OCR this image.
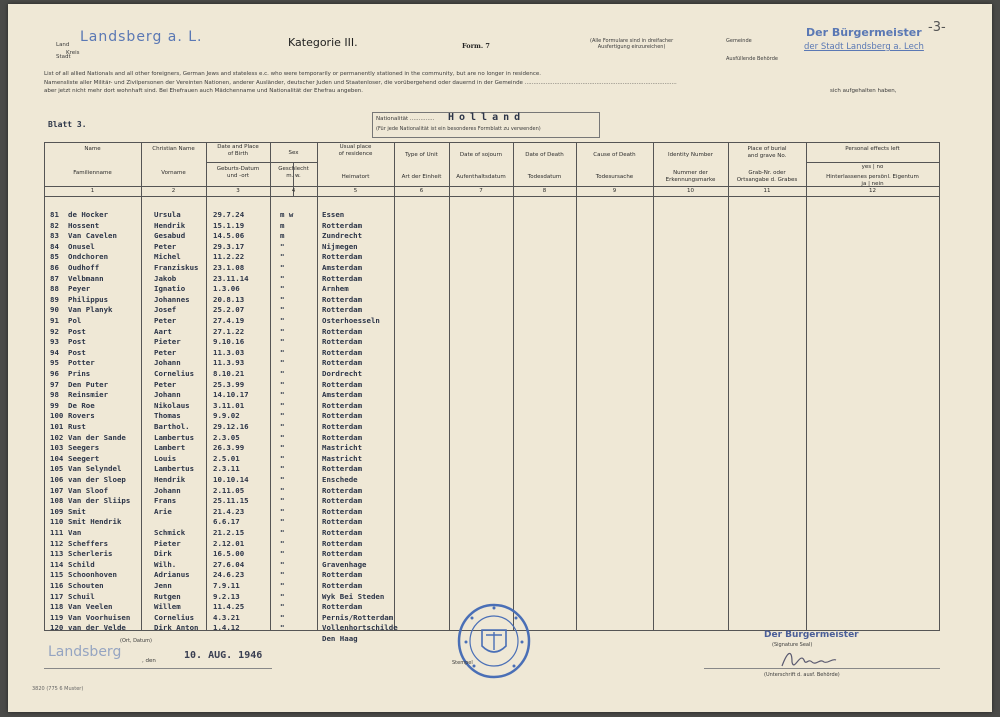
Land
Kreis
Stadt
Landsberg a. L.	Kategorie III.	Form. 7
(Alle Formulare sind in dreifacher
Ausfertigung einzureichen)
Gemeinde
Ausfüllende Behörde
Der Bürgermeister
der Stadt Landsberg a. Lech
-3-
List of all allied Nationals and all other foreigners, German Jews and stateless e.c. who were temporarily or permanently stationed in the community, but are no longer in residence.
Namensliste aller Militär- und Zivilpersonen der Vereinten Nationen, anderer Ausländer, deutscher Juden und Staatenloser, die vorübergehend oder dauernd in der Gemeinde .......................................................................................
aber jetzt nicht mehr dort wohnhaft sind. Bei Ehefrauen auch Mädchenname und Nationalität der Ehefrau angeben.	sich aufgehalten haben,
Nationalität .............. Holland
(Für jede Nationalität ist ein besonderes Formblatt zu verwenden)
Blatt 3.
Name
Familienname
Christian Name
Vorname
Date and Place
of Birth
Geburts-Datum
und -ort
Sex
Geschlecht
m. w.
Usual place
of residence
Heimatort
Type of Unit
Art der Einheit
Date of sojourn
Aufenthaltsdatum
Date of Death
Todesdatum
Cause of Death
Todesursache
Identity Number
Nummer der
Erkennungsmarke
Place of burial
and grave No.
Grab-Nr. oder
Ortsangabe d. Grabes
Personal effects left
yes | no
Hinterlassenes persönl. Eigentum
ja | nein
1	2	3	4	5	6	7	8	9	10	11	12
81 de Hocker	Ursula	29.7.24	m w	Essen
82 Hossent	Hendrik	15.1.19	m	Rotterdam
83 Van Cavelen	Gesabud	14.5.06	m	Zundrecht
84 Onusel	Peter	29.3.17	"	Nijmegen
85 Ondchoren	Michel	11.2.22	"	Rotterdam
86 Oudhoff	Franziskus 23.1.08	"	Amsterdam
87 Velbmann	Jakob	23.11.14	"	Rotterdam
88 Peyer	Ignatio	1.3.06	"	Arnhem
89 Philippus	Johannes	20.8.13	"	Rotterdam
90 Van Planyk	Josef	25.2.07	"	Rotterdam
91 Pol	Peter	27.4.19	"	Osterhoesseln
92 Post	Aart	27.1.22	"	Rotterdam
93 Post	Pieter	9.10.16	"	Rotterdam
94 Post	Peter	11.3.03	"	Rotterdam
95 Potter	Johann	11.3.93	"	Rotterdam
96 Prins	Cornelius	8.10.21	"	Dordrecht
97 Den Puter	Peter	25.3.99	"	Rotterdam
98 Reinsmier	Johann	14.10.17	"	Amsterdam
99 De Roe	Nikolaus	3.11.01	"	Rotterdam
100 Rovers	Thomas	9.9.02	"	Rotterdam
101 Rust	Barthol.	29.12.16	"	Rotterdam
102 Van der Sande	Lambertus	2.3.05	"	Rotterdam
103 Seegers	Lambert	26.3.99	"	Mastricht
104 Seegert	Louis	2.5.01	"	Mastricht
105 Van Selyndel	Lambertus	2.3.11	"	Rotterdam
106 van der Sloep	Hendrik	10.10.14	"	Enschede
107 Van Sloof	Johann	2.11.05	"	Rotterdam
108 Van der Sliips	Frans	25.11.15	"	Rotterdam
109 Smit	Arie	21.4.23	"	Rotterdam
110 Smit Hendrik	6.6.17	"	Rotterdam
111 Van	Schmick	21.2.15	"	Rotterdam
112 Scheffers	Pieter	2.12.01	"	Rotterdam
113 Scherleris	Dirk	16.5.00	"	Rotterdam
114 Schild	Wilh.	27.6.04	"	Gravenhage
115 Schoonhoven	Adrianus	24.6.23	"	Rotterdam
116 Schouten	Jenn	7.9.11	"	Rotterdam
117 Schuil	Rutgen	9.2.13	"	Wyk Bei Steden
118 Van Veelen	Willem	11.4.25	"	Rotterdam
119 Van Voorhuisen	Cornelius	4.3.21	"	Pernis/Rotterdam
120 van der Velde	Dirk Anton 1.4.12	"	Vollenhortschilde
Den Haag
(Ort, Datum)
Landsberg
, den	10. AUG. 1946
Stempel
Der Bürgermeister
(Signature Seal)
(Unterschrift d. ausf. Behörde)
3820 (775 6 Muster)
